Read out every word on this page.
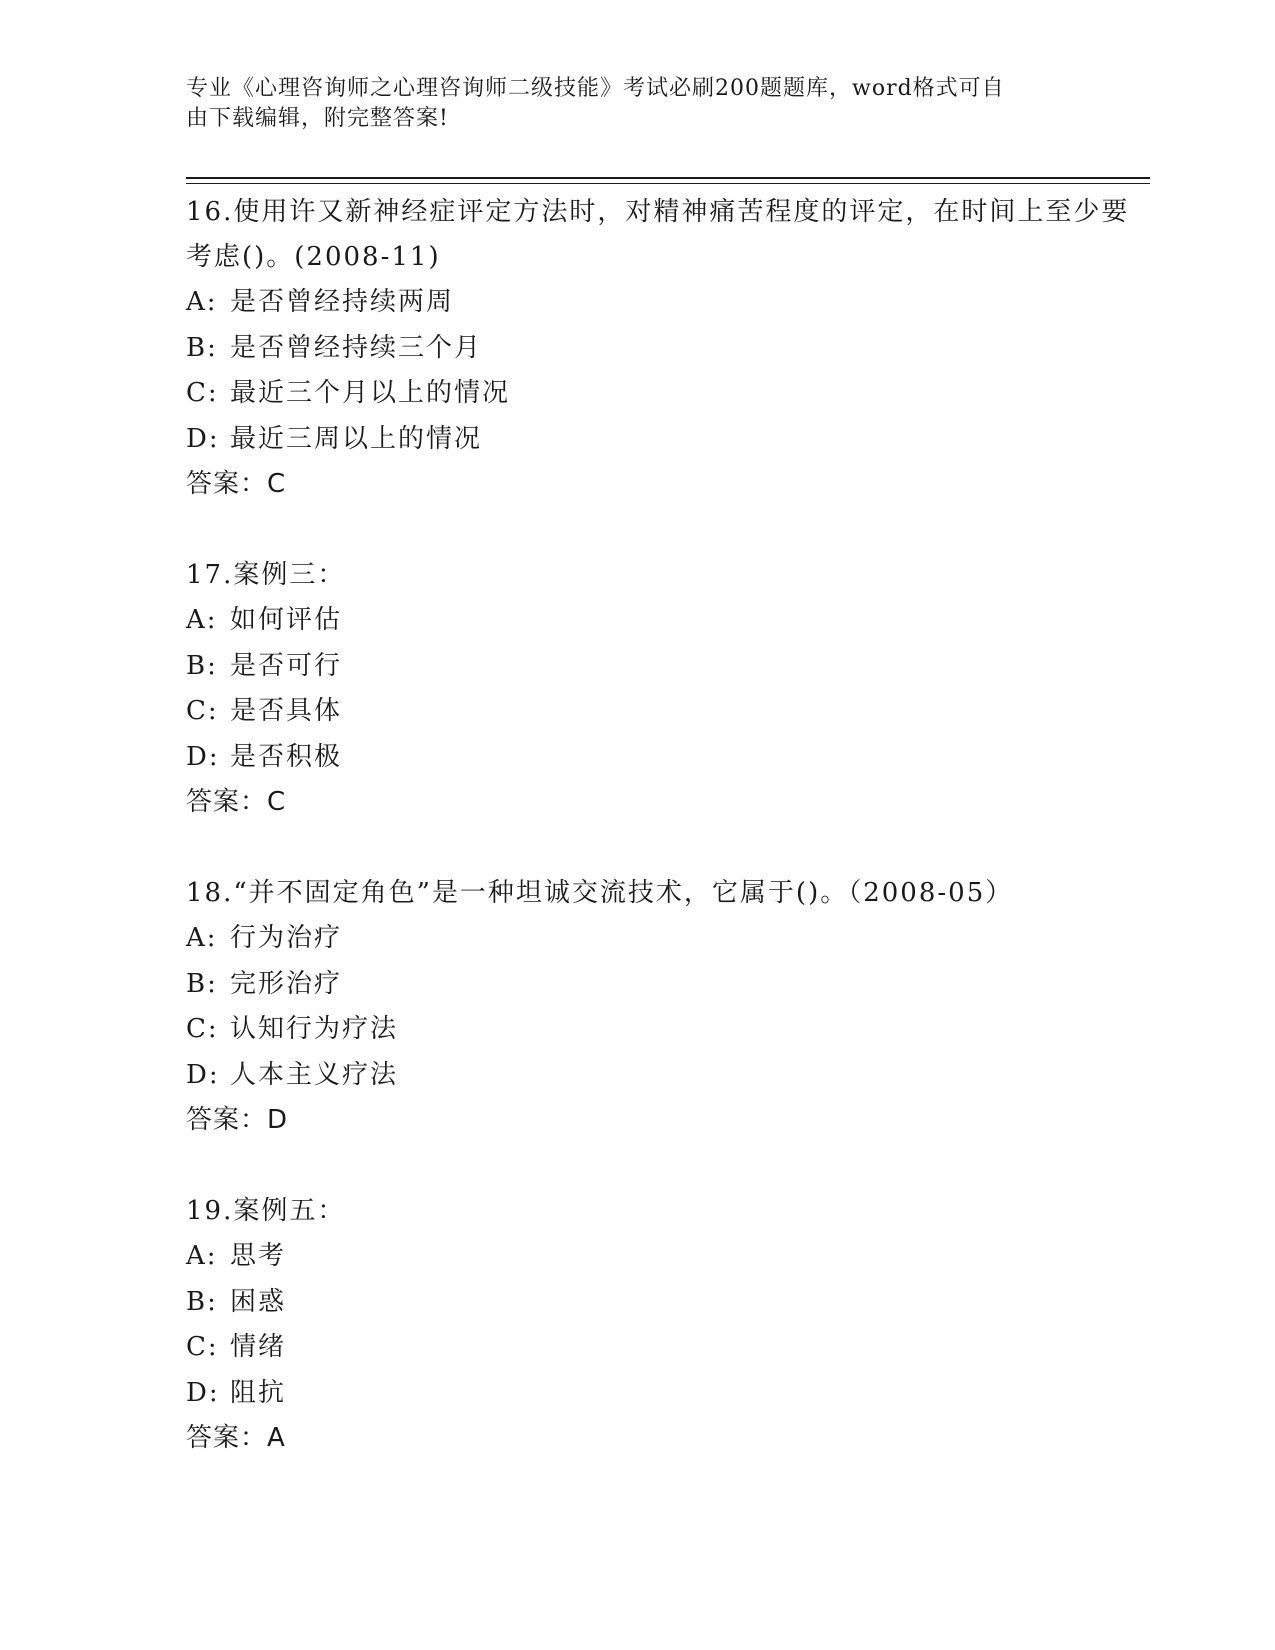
专业《心理咨询师之心理咨询师二级技能》考试必刷200题题库，word格式可自
由下载编辑，附完整答案!
16.使用许又新神经症评定方法时，对精神痛苦程度的评定，在时间上至少要考虑()。(2008-11)
A: 是否曾经持续两周
B: 是否曾经持续三个月
C: 最近三个月以上的情况
D: 最近三周以上的情况
答案：C
17.案例三：
A: 如何评估
B: 是否可行
C: 是否具体
D: 是否积极
答案：C
18.“并不固定角色”是一种坦诚交流技术，它属于()。（2008-05）
A: 行为治疗
B: 完形治疗
C: 认知行为疗法
D: 人本主义疗法
答案：D
19.案例五：
A: 思考
B: 困惑
C: 情绪
D: 阻抗
答案：A
